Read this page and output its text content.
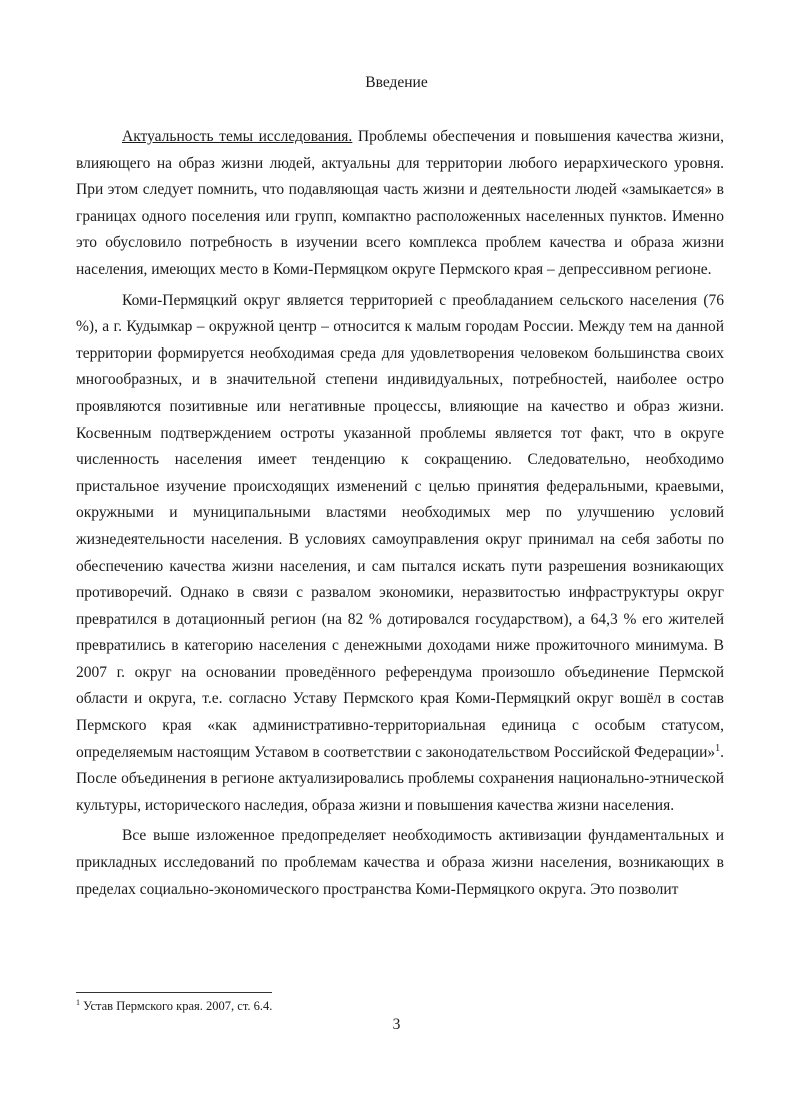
Введение

Актуальность темы исследования. Проблемы обеспечения и повышения качества жизни, влияющего на образ жизни людей, актуальны для территории любого иерархического уровня. При этом следует помнить, что подавляющая часть жизни и деятельности людей «замыкается» в границах одного поселения или групп, компактно расположенных населенных пунктов. Именно это обусловило потребность в изучении всего комплекса проблем качества и образа жизни населения, имеющих место в Коми-Пермяцком округе Пермского края – депрессивном регионе.

Коми-Пермяцкий округ является территорией с преобладанием сельского населения (76 %), а г. Кудымкар – окружной центр – относится к малым городам России. Между тем на данной территории формируется необходимая среда для удовлетворения человеком большинства своих многообразных, и в значительной степени индивидуальных, потребностей, наиболее остро проявляются позитивные или негативные процессы, влияющие на качество и образ жизни. Косвенным подтверждением остроты указанной проблемы является тот факт, что в округе численность населения имеет тенденцию к сокращению. Следовательно, необходимо пристальное изучение происходящих изменений с целью принятия федеральными, краевыми, окружными и муниципальными властями необходимых мер по улучшению условий жизнедеятельности населения. В условиях самоуправления округ принимал на себя заботы по обеспечению качества жизни населения, и сам пытался искать пути разрешения возникающих противоречий. Однако в связи с развалом экономики, неразвитостью инфраструктуры округ превратился в дотационный регион (на 82 % дотировался государством), а 64,3 % его жителей превратились в категорию населения с денежными доходами ниже прожиточного минимума. В 2007 г. округ на основании проведённого референдума произошло объединение Пермской области и округа, т.е. согласно Уставу Пермского края Коми-Пермяцкий округ вошёл в состав Пермского края «как административно-территориальная единица с особым статусом, определяемым настоящим Уставом в соответствии с законодательством Российской Федерации»$^1$. После объединения в регионе актуализировались проблемы сохранения национально-этнической культуры, исторического наследия, образа жизни и повышения качества жизни населения.

Все выше изложенное предопределяет необходимость активизации фундаментальных и прикладных исследований по проблемам качества и образа жизни населения, возникающих в пределах социально-экономического пространства Коми-Пермяцкого округа. Это позволит

$^1$ Устав Пермского края. 2007, ст. 6.4.
3
